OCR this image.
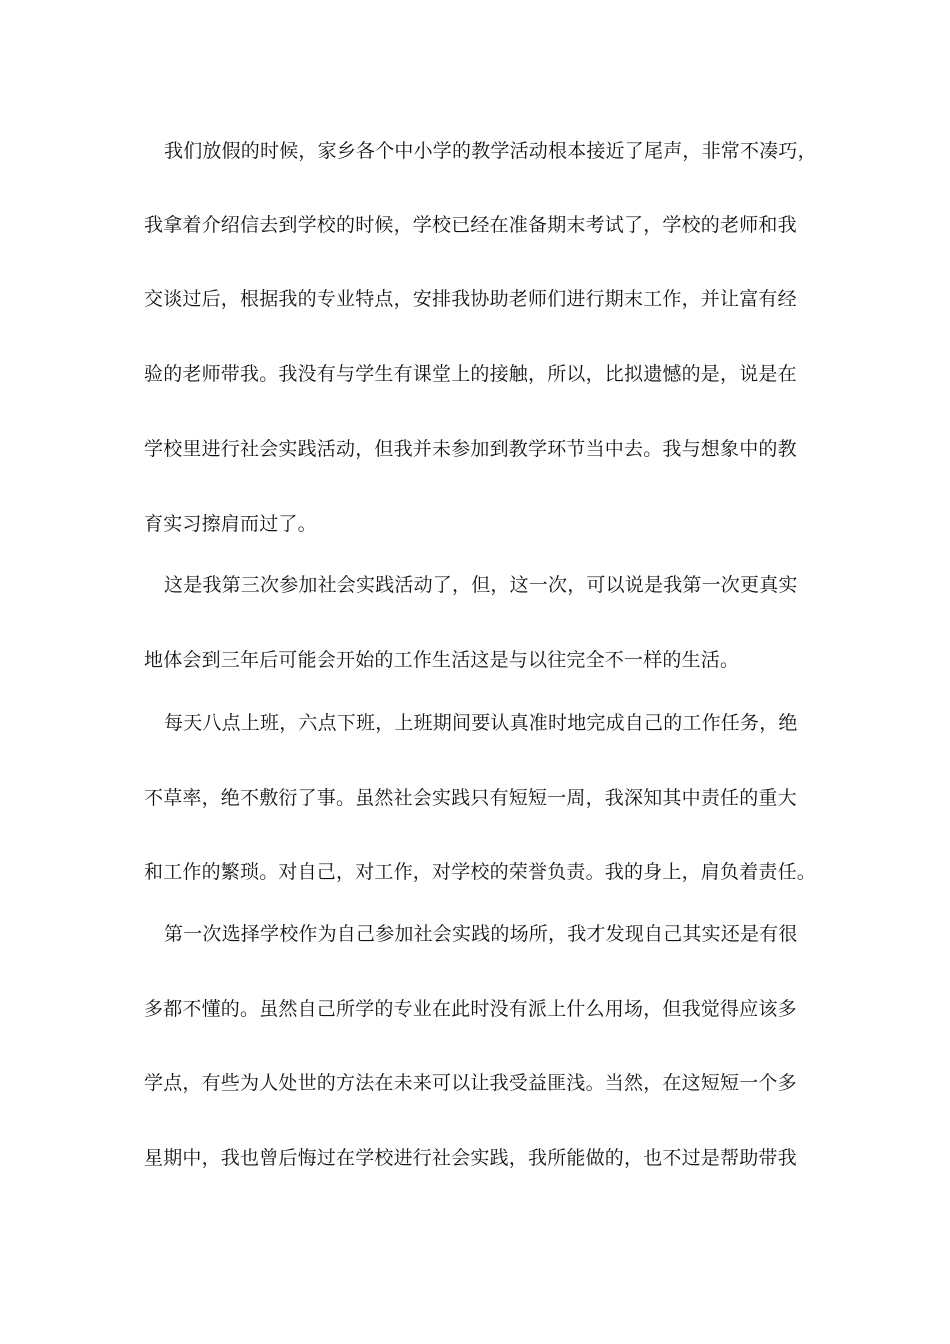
我们放假的时候，家乡各个中小学的教学活动根本接近了尾声，非常不凑巧，
我拿着介绍信去到学校的时候，学校已经在准备期末考试了，学校的老师和我
交谈过后，根据我的专业特点，安排我协助老师们进行期末工作，并让富有经
验的老师带我。我没有与学生有课堂上的接触，所以，比拟遗憾的是，说是在
学校里进行社会实践活动，但我并未参加到教学环节当中去。我与想象中的教
育实习擦肩而过了。
这是我第三次参加社会实践活动了，但，这一次，可以说是我第一次更真实
地体会到三年后可能会开始的工作生活这是与以往完全不一样的生活。
每天八点上班，六点下班，上班期间要认真准时地完成自己的工作任务，绝
不草率，绝不敷衍了事。虽然社会实践只有短短一周，我深知其中责任的重大
和工作的繁琐。对自己，对工作，对学校的荣誉负责。我的身上，肩负着责任。
第一次选择学校作为自己参加社会实践的场所，我才发现自己其实还是有很
多都不懂的。虽然自己所学的专业在此时没有派上什么用场，但我觉得应该多
学点，有些为人处世的方法在未来可以让我受益匪浅。当然，在这短短一个多
星期中，我也曾后悔过在学校进行社会实践，我所能做的，也不过是帮助带我
